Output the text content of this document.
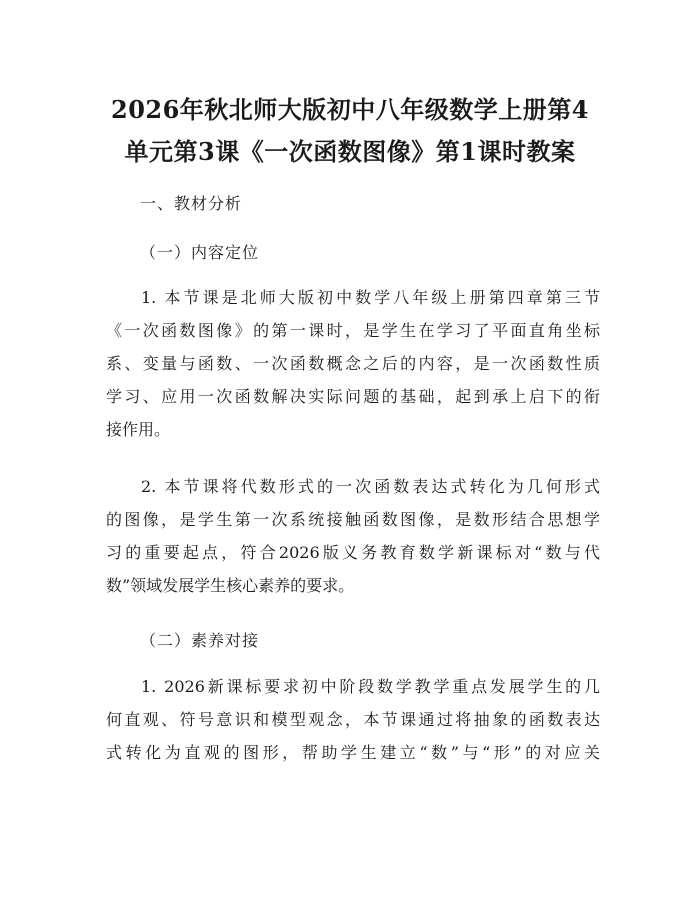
2026年秋北师大版初中八年级数学上册第4
单元第3课《一次函数图像》第1课时教案
一、教材分析
（一）内容定位
1. 本节课是北师大版初中数学八年级上册第四章第三节
《一次函数图像》的第一课时，是学生在学习了平面直角坐标
系、变量与函数、一次函数概念之后的内容，是一次函数性质
学习、应用一次函数解决实际问题的基础，起到承上启下的衔
接作用。
2. 本节课将代数形式的一次函数表达式转化为几何形式
的图像，是学生第一次系统接触函数图像，是数形结合思想学
习的重要起点，符合2026版义务教育数学新课标对“数与代
数”领域发展学生核心素养的要求。
（二）素养对接
1. 2026新课标要求初中阶段数学教学重点发展学生的几
何直观、符号意识和模型观念，本节课通过将抽象的函数表达
式转化为直观的图形，帮助学生建立“数”与“形”的对应关
